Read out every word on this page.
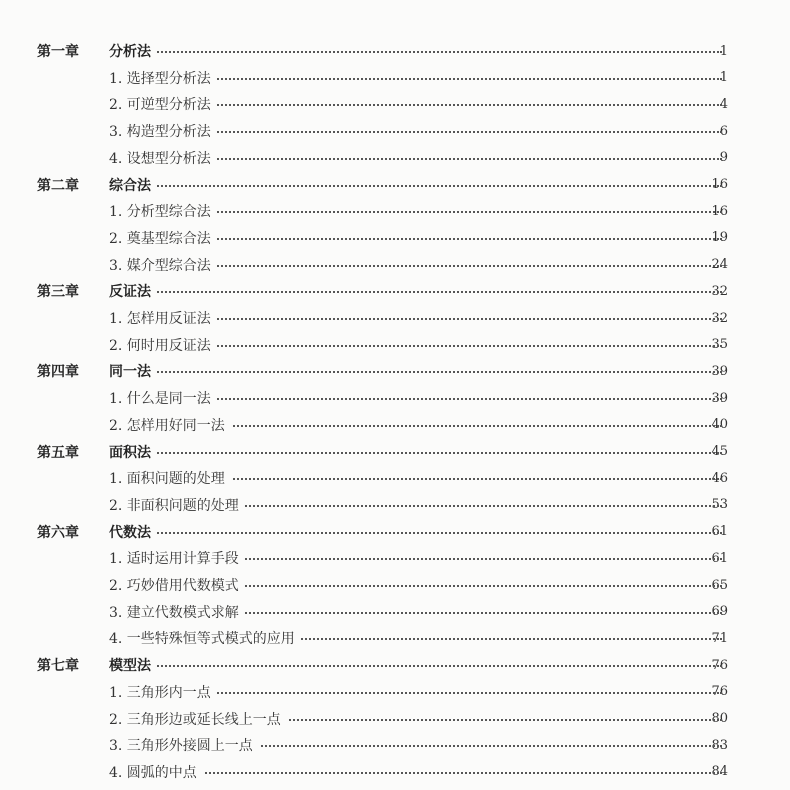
第一章 分析法	1
1. 选择型分析法	1
2. 可逆型分析法	4
3. 构造型分析法	6
4. 设想型分析法	9
第二章 综合法	16
1. 分析型综合法	16
2. 奠基型综合法	19
3. 媒介型综合法	24
第三章 反证法	32
1. 怎样用反证法	32
2. 何时用反证法	35
第四章 同一法	39
1. 什么是同一法	39
2. 怎样用好同一法	40
第五章 面积法	45
1. 面积问题的处理	46
2. 非面积问题的处理	53
第六章 代数法	61
1. 适时运用计算手段	61
2. 巧妙借用代数模式	65
3. 建立代数模式求解	69
4. 一些特殊恒等式模式的应用	71
第七章 模型法	76
1. 三角形内一点	76
2. 三角形边或延长线上一点	80
3. 三角形外接圆上一点	83
4. 圆弧的中点	84
